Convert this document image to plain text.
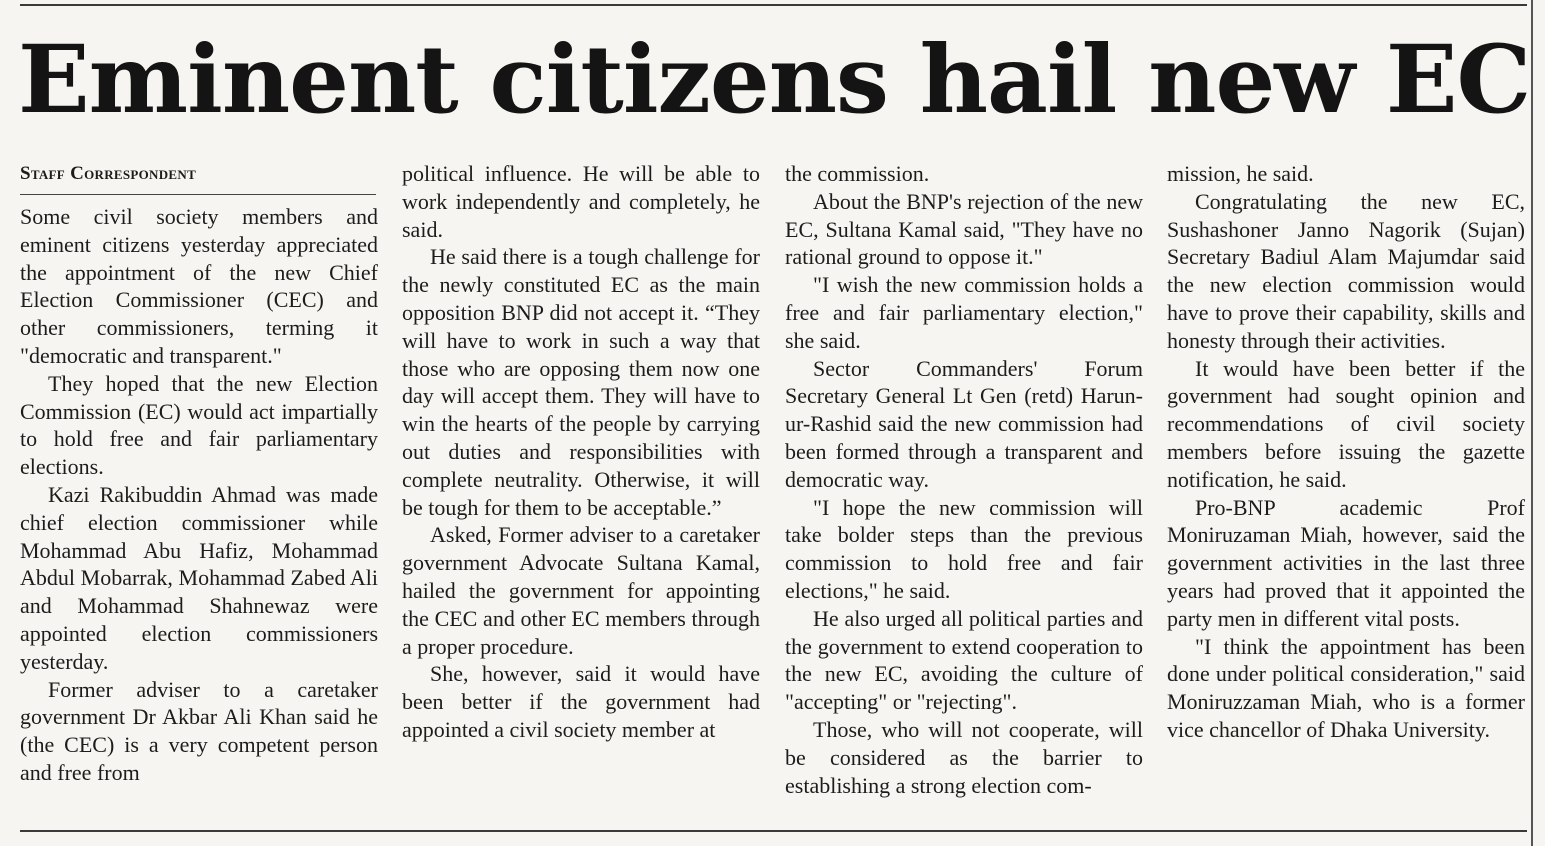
Eminent citizens hail new EC
Staff Correspondent

Some civil society members and eminent citizens yesterday appreciated the appointment of the new Chief Election Commissioner (CEC) and other commissioners, terming it "democratic and transparent."

They hoped that the new Election Commission (EC) would act impartially to hold free and fair parliamentary elections.

Kazi Rakibuddin Ahmad was made chief election commissioner while Mohammad Abu Hafiz, Mohammad Abdul Mobarrak, Mohammad Zabed Ali and Mohammad Shahnewaz were appointed election commissioners yesterday.

Former adviser to a caretaker government Dr Akbar Ali Khan said he (the CEC) is a very competent person and free from

political influence. He will be able to work independently and completely, he said.

He said there is a tough challenge for the newly constituted EC as the main opposition BNP did not accept it. “They will have to work in such a way that those who are opposing them now one day will accept them. They will have to win the hearts of the people by carrying out duties and responsibilities with complete neutrality. Otherwise, it will be tough for them to be acceptable.”

Asked, Former adviser to a caretaker government Advocate Sultana Kamal, hailed the government for appointing the CEC and other EC members through a proper procedure.

She, however, said it would have been better if the government had appointed a civil society member at

the commission.

About the BNP's rejection of the new EC, Sultana Kamal said, "They have no rational ground to oppose it."

"I wish the new commission holds a free and fair parliamentary election," she said.

Sector Commanders' Forum Secretary General Lt Gen (retd) Harun-ur-Rashid said the new commission had been formed through a transparent and democratic way.

"I hope the new commission will take bolder steps than the previous commission to hold free and fair elections," he said.

He also urged all political parties and the government to extend cooperation to the new EC, avoiding the culture of "accepting" or "rejecting".

Those, who will not cooperate, will be considered as the barrier to establishing a strong election com-

mission, he said.

Congratulating the new EC, Sushashoner Janno Nagorik (Sujan) Secretary Badiul Alam Majumdar said the new election commission would have to prove their capability, skills and honesty through their activities.

It would have been better if the government had sought opinion and recommendations of civil society members before issuing the gazette notification, he said.

Pro-BNP academic Prof Moniruzaman Miah, however, said the government activities in the last three years had proved that it appointed the party men in different vital posts.

"I think the appointment has been done under political consideration," said Moniruzzaman Miah, who is a former vice chancellor of Dhaka University.
